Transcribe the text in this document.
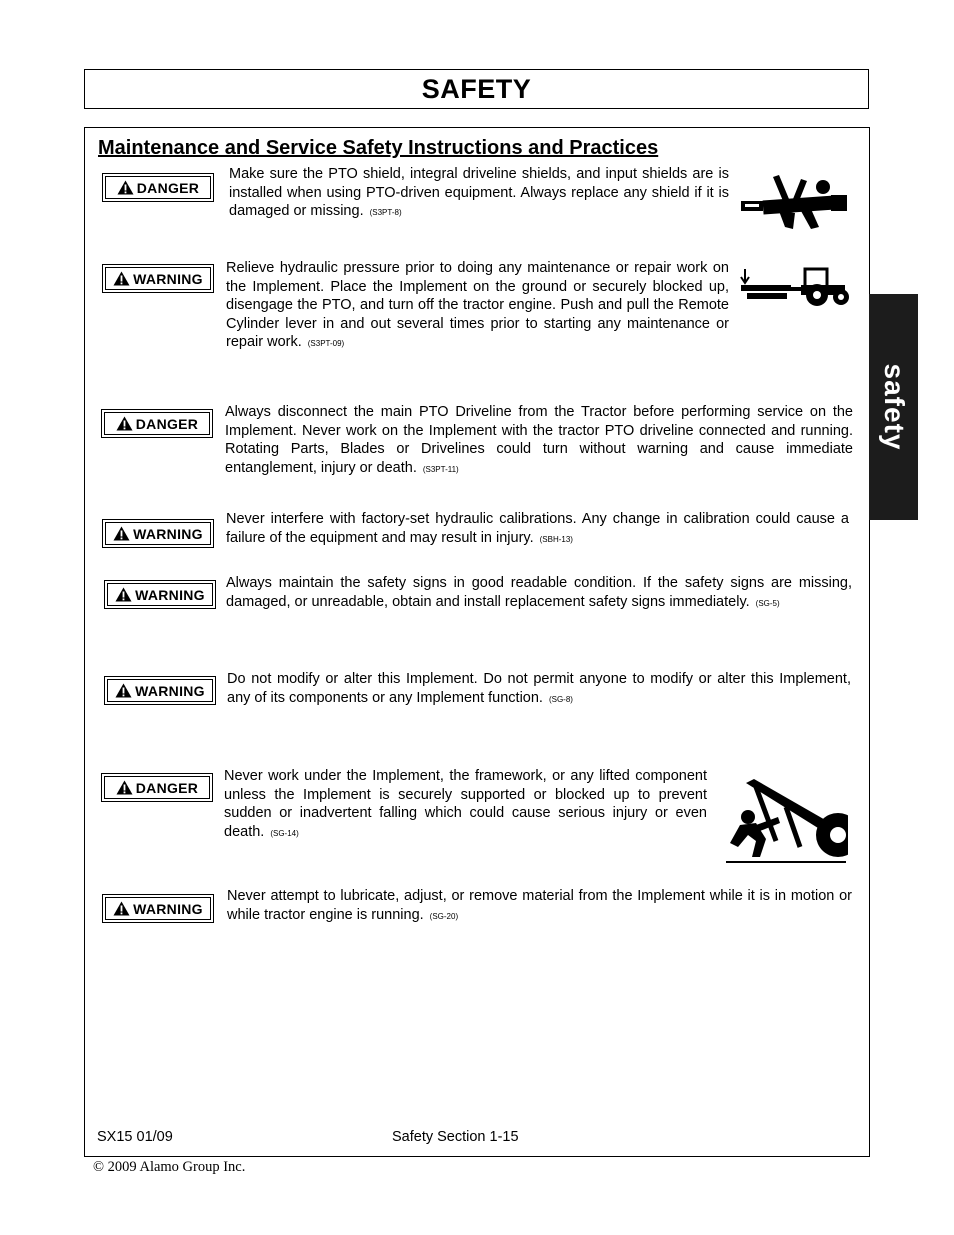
SAFETY
Maintenance and Service Safety Instructions and Practices
safety
DANGER

Make sure the PTO shield, integral driveline shields, and input shields are is installed when using PTO-driven equipment. Always replace any shield if it is damaged or missing. (S3PT-8)

WARNING

Relieve hydraulic pressure prior to doing any maintenance or repair work on the Implement. Place the Implement on the ground or securely blocked up, disengage the PTO, and turn off the tractor engine. Push and pull the Remote Cylinder lever in and out several times prior to starting any maintenance or repair work. (S3PT-09)

DANGER

Always disconnect the main PTO Driveline from the Tractor before performing service on the Implement. Never work on the Implement with the tractor PTO driveline connected and running. Rotating Parts, Blades or Drivelines could turn without warning and cause immediate entanglement, injury or death. (S3PT-11)

WARNING

Never interfere with factory-set hydraulic calibrations. Any change in calibration could cause a failure of the equipment and may result in injury. (SBH-13)

WARNING

Always maintain the safety signs in good readable condition. If the safety signs are missing, damaged, or unreadable, obtain and install replacement safety signs immediately. (SG-5)

WARNING

Do not modify or alter this Implement. Do not permit anyone to modify or alter this Implement, any of its components or any Implement function. (SG-8)

DANGER

Never work under the Implement, the framework, or any lifted component unless the Implement is securely supported or blocked up to prevent sudden or inadvertent falling which could cause serious injury or even death. (SG-14)

WARNING

Never attempt to lubricate, adjust, or remove material from the Implement while it is in motion or while tractor engine is running. (SG-20)

SX15 01/09	Safety Section 1-15
© 2009 Alamo Group Inc.
